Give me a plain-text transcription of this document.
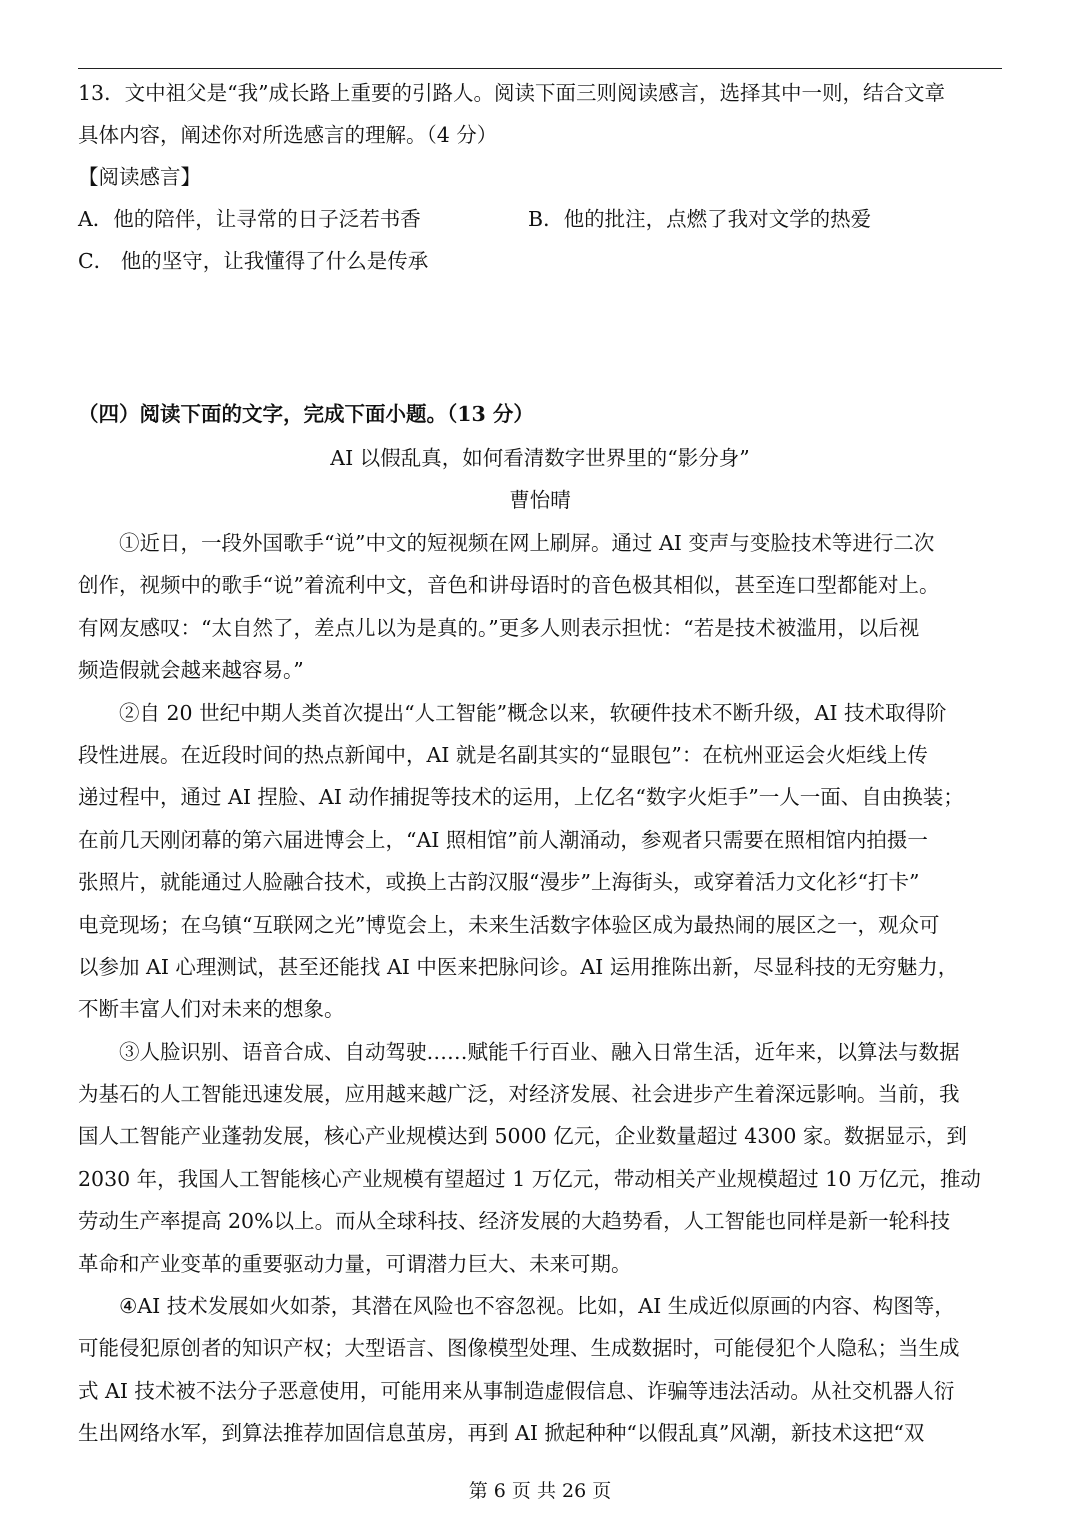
13．文中祖父是“我”成长路上重要的引路人。阅读下面三则阅读感言，选择其中一则，结合文章
具体内容，阐述你对所选感言的理解。（4 分）
【阅读感言】
A．他的陪伴，让寻常的日子泛若书香	B．他的批注，点燃了我对文学的热爱
C． 他的坚守，让我懂得了什么是传承
（四）阅读下面的文字，完成下面小题。（13 分）
AI 以假乱真，如何看清数字世界里的“影分身”
曹怡晴
①近日，一段外国歌手“说”中文的短视频在网上刷屏。通过 AI 变声与变脸技术等进行二次
创作，视频中的歌手“说”着流利中文，音色和讲母语时的音色极其相似，甚至连口型都能对上。
有网友感叹：“太自然了，差点儿以为是真的。”更多人则表示担忧：“若是技术被滥用，以后视
频造假就会越来越容易。”
②自 20 世纪中期人类首次提出“人工智能”概念以来，软硬件技术不断升级，AI 技术取得阶
段性进展。在近段时间的热点新闻中，AI 就是名副其实的“显眼包”：在杭州亚运会火炬线上传
递过程中，通过 AI 捏脸、AI 动作捕捉等技术的运用，上亿名“数字火炬手”一人一面、自由换装；
在前几天刚闭幕的第六届进博会上，“AI 照相馆”前人潮涌动，参观者只需要在照相馆内拍摄一
张照片，就能通过人脸融合技术，或换上古韵汉服“漫步”上海街头，或穿着活力文化衫“打卡”
电竞现场；在乌镇“互联网之光”博览会上，未来生活数字体验区成为最热闹的展区之一，观众可
以参加 AI 心理测试，甚至还能找 AI 中医来把脉问诊。AI 运用推陈出新，尽显科技的无穷魅力，
不断丰富人们对未来的想象。
③人脸识别、语音合成、自动驾驶……赋能千行百业、融入日常生活，近年来，以算法与数据
为基石的人工智能迅速发展，应用越来越广泛，对经济发展、社会进步产生着深远影响。当前，我
国人工智能产业蓬勃发展，核心产业规模达到 5000 亿元，企业数量超过 4300 家。数据显示，到
2030 年，我国人工智能核心产业规模有望超过 1 万亿元，带动相关产业规模超过 10 万亿元，推动
劳动生产率提高 20%以上。而从全球科技、经济发展的大趋势看，人工智能也同样是新一轮科技
革命和产业变革的重要驱动力量，可谓潜力巨大、未来可期。
④AI 技术发展如火如荼，其潜在风险也不容忽视。比如，AI 生成近似原画的内容、构图等，
可能侵犯原创者的知识产权；大型语言、图像模型处理、生成数据时，可能侵犯个人隐私；当生成
式 AI 技术被不法分子恶意使用，可能用来从事制造虚假信息、诈骗等违法活动。从社交机器人衍
生出网络水军，到算法推荐加固信息茧房，再到 AI 掀起种种“以假乱真”风潮，新技术这把“双
第 6 页 共 26 页
